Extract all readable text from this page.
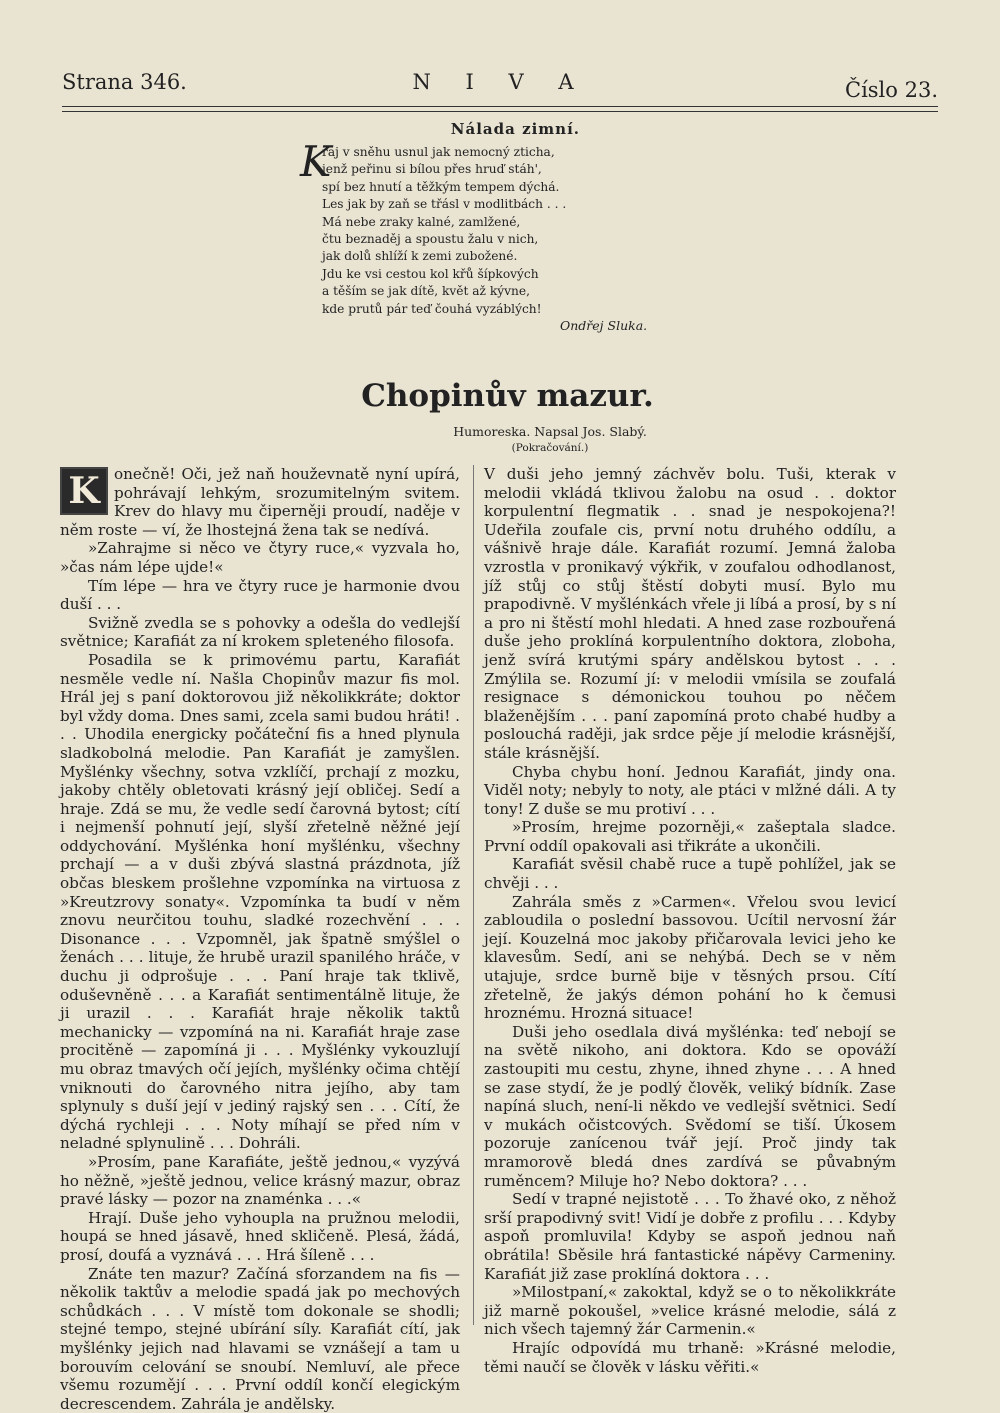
Strana 346.	N I V A	Číslo 23.
Nálada zimní.
K
raj v sněhu usnul jak nemocný zticha,
jenž peřinu si bílou přes hruď stáh',
spí bez hnutí a těžkým tempem dýchá.
Les jak by zaň se třásl v modlitbách . . .
Má nebe zraky kalné, zamlžené,
čtu beznaděj a spoustu žalu v nich,
jak dolů shlíží k zemi zubožené.
Jdu ke vsi cestou kol křů šípkových
a těším se jak dítě, květ až kývne,
kde prutů pár teď čouhá vyzáblých!
Ondřej Sluka.
Chopinův mazur.
Humoreska. Napsal Jos. Slabý.
(Pokračování.)

K onečně! Oči, jež naň houževnatě nyní upírá, pohrávají lehkým, srozumitelným svitem. Krev do hlavy mu čiperněji proudí, naděje v něm roste — ví, že lhostejná žena tak se nedívá.

»Zahrajme si něco ve čtyry ruce,« vyzvala ho, »čas nám lépe ujde!«

Tím lépe — hra ve čtyry ruce je harmonie dvou duší . . .

Svižně zvedla se s pohovky a odešla do vedlejší světnice; Karafiát za ní krokem spleteného filosofa.

Posadila se k primovému partu, Karafiát nesměle vedle ní. Našla Chopinův mazur fis mol. Hrál jej s paní doktorovou již několikkráte; doktor byl vždy doma. Dnes sami, zcela sami budou hráti! . . . Uhodila energicky počáteční fis a hned plynula sladkobolná melodie. Pan Karafiát je zamyšlen. Myšlénky všechny, sotva vzklíčí, prchají z mozku, jakoby chtěly obletovati krásný její obličej. Sedí a hraje. Zdá se mu, že vedle sedí čarovná bytost; cítí i nejmenší pohnutí její, slyší zřetelně něžné její oddychování. Myšlénka honí myšlénku, všechny prchají — a v duši zbývá slastná prázdnota, jíž občas bleskem prošlehne vzpomínka na virtuosa z »Kreutzrovy sonaty«. Vzpomínka ta budí v něm znovu neurčitou touhu, sladké rozechvění . . . Disonance . . . Vzpomněl, jak špatně smýšlel o ženách . . . lituje, že hrubě urazil spanilého hráče, v duchu ji odprošuje . . . Paní hraje tak tklivě, oduševněně . . . a Karafiát sentimentálně lituje, že ji urazil . . . Karafiát hraje několik taktů mechanicky — vzpomíná na ni. Karafiát hraje zase procitěně — zapomíná ji . . . Myšlénky vykouzlují mu obraz tmavých očí jejích, myšlénky očima chtějí vniknouti do čarovného nitra jejího, aby tam splynuly s duší její v jediný rajský sen . . . Cítí, že dýchá rychleji . . . Noty míhají se před ním v neladné splynulině . . . Dohráli.

»Prosím, pane Karafiáte, ještě jednou,« vyzývá ho něžně, »ještě jednou, velice krásný mazur, obraz pravé lásky — pozor na znaménka . . .«

Hrají. Duše jeho vyhoupla na pružnou melodii, houpá se hned jásavě, hned skličeně. Plesá, žádá, prosí, doufá a vyznává . . . Hrá šíleně . . .

Znáte ten mazur? Začíná sforzandem na fis — několik taktův a melodie spadá jak po mechových schůdkách . . . V místě tom dokonale se shodli; stejné tempo, stejné ubírání síly. Karafiát cítí, jak myšlénky jejich nad hlavami se vznášejí a tam u borouvím celování se snoubí. Nemluví, ale přece všemu rozumějí . . . První oddíl končí elegickým decrescendem. Zahrála je andělsky.

V duši jeho jemný záchvěv bolu. Tuši, kterak v melodii vkládá tklivou žalobu na osud . . doktor korpulentní flegmatik . . snad je nespokojena?! Udeřila zoufale cis, první notu druhého oddílu, a vášnivě hraje dále. Karafiát rozumí. Jemná žaloba vzrostla v pronikavý výkřik, v zoufalou odhodlanost, jíž stůj co stůj štěstí dobyti musí. Bylo mu prapodivně. V myšlénkách vřele ji líbá a prosí, by s ní a pro ni štěstí mohl hledati. A hned zase rozbouřená duše jeho proklíná korpulentního doktora, zloboha, jenž svírá krutými spáry andělskou bytost . . . Zmýlila se. Rozumí jí: v melodii vmísila se zoufalá resignace s démonickou touhou po něčem blaženějším . . . paní zapomíná proto chabé hudby a poslouchá raději, jak srdce pěje jí melodie krásnější, stále krásnější.

Chyba chybu honí. Jednou Karafiát, jindy ona. Viděl noty; nebyly to noty, ale ptáci v mlžné dáli. A ty tony! Z duše se mu protiví . . .

»Prosím, hrejme pozorněji,« zašeptala sladce. První oddíl opakovali asi třikráte a ukončili.

Karafiát svěsil chabě ruce a tupě pohlížel, jak se chvěji . . .

Zahrála směs z »Carmen«. Vřelou svou levicí zabloudila o poslední bassovou. Ucítil nervosní žár její. Kouzelná moc jakoby přičarovala levici jeho ke klavesům. Sedí, ani se nehýbá. Dech se v něm utajuje, srdce burně bije v těsných prsou. Cítí zřetelně, že jakýs démon pohání ho k čemusi hroznému. Hrozná situace!

Duši jeho osedlala divá myšlénka: teď nebojí se na světě nikoho, ani doktora. Kdo se opováží zastoupiti mu cestu, zhyne, ihned zhyne . . . A hned se zase stydí, že je podlý člověk, veliký bídník. Zase napíná sluch, není-li někdo ve vedlejší světnici. Sedí v mukách očistcových. Svědomí se tiší. Úkosem pozoruje zanícenou tvář její. Proč jindy tak mramorově bledá dnes zardívá se půvabným ruměncem? Miluje ho? Nebo doktora? . . .

Sedí v trapné nejistotě . . . To žhavé oko, z něhož srší prapodivný svit! Vidí je dobře z profilu . . . Kdyby aspoň promluvila! Kdyby se aspoň jednou naň obrátila! Sběsile hrá fantastické nápěvy Carmeniny. Karafiát již zase proklíná doktora . . .

»Milostpaní,« zakoktal, když se o to několikkráte již marně pokoušel, »velice krásné melodie, sálá z nich všech tajemný žár Carmenin.«

Hrajíc odpovídá mu trhaně: »Krásné melodie, těmi naučí se člověk v lásku věřiti.«
